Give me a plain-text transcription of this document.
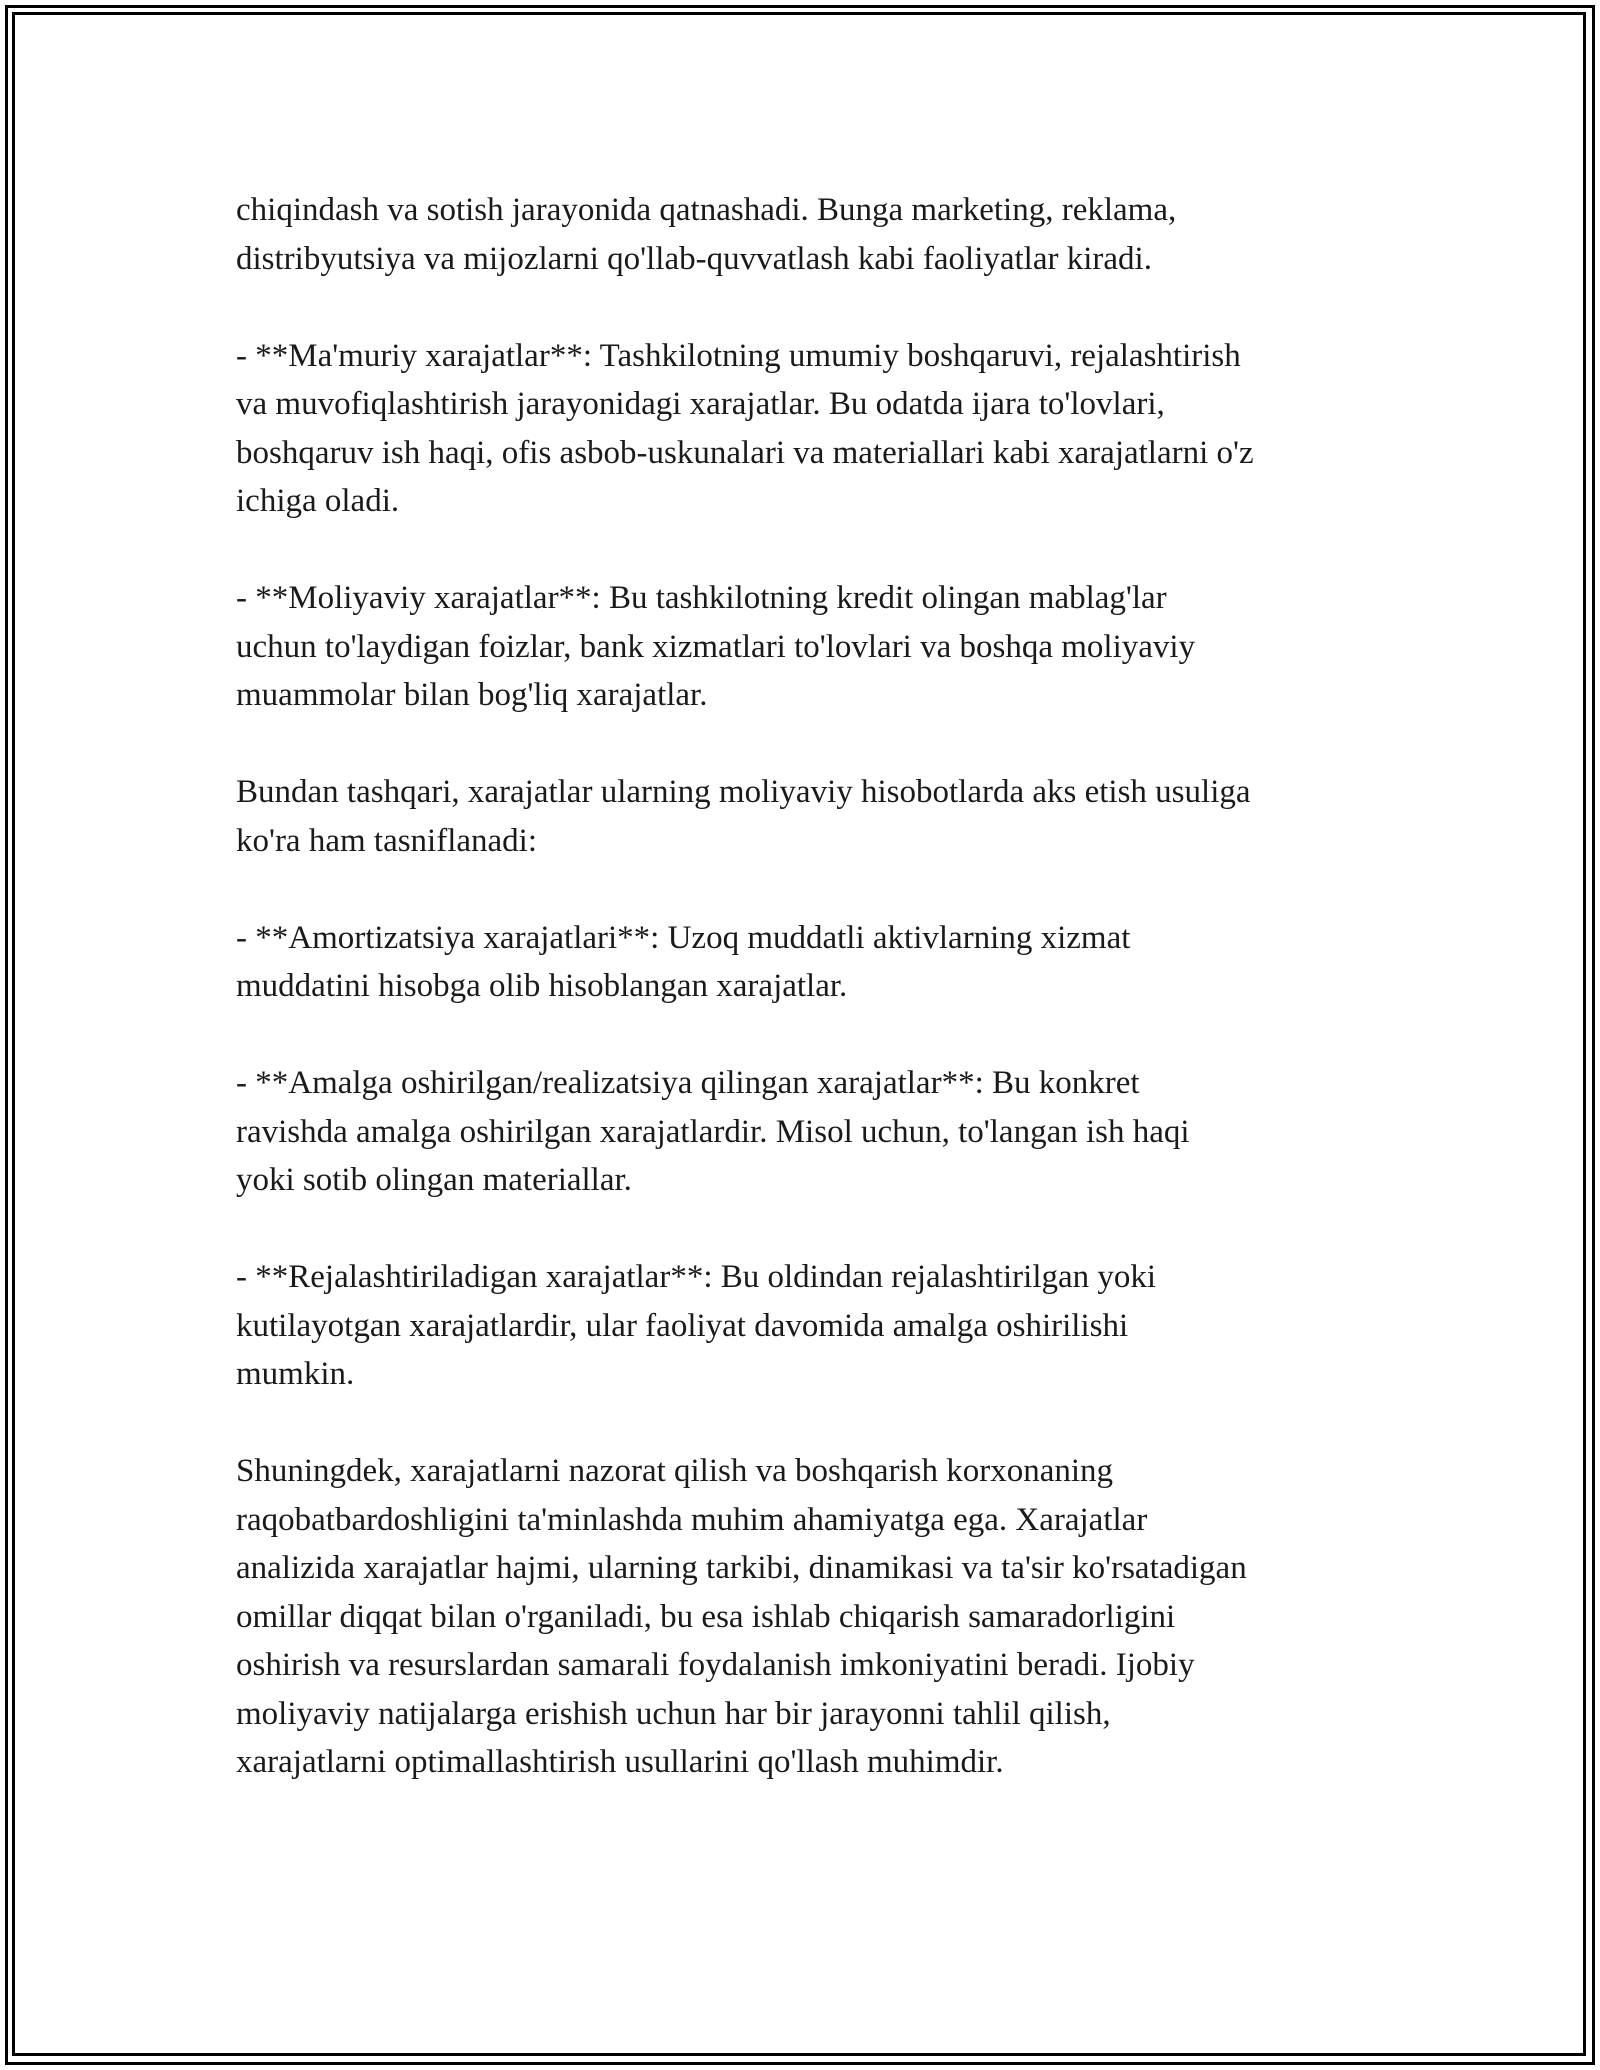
chiqindash va sotish jarayonida qatnashadi. Bunga marketing, reklama,
distribyutsiya va mijozlarni qo'llab-quvvatlash kabi faoliyatlar kiradi.

- **Ma'muriy xarajatlar**: Tashkilotning umumiy boshqaruvi, rejalashtirish
va muvofiqlashtirish jarayonidagi xarajatlar. Bu odatda ijara to'lovlari,
boshqaruv ish haqi, ofis asbob-uskunalari va materiallari kabi xarajatlarni o'z
ichiga oladi.

- **Moliyaviy xarajatlar**: Bu tashkilotning kredit olingan mablag'lar
uchun to'laydigan foizlar, bank xizmatlari to'lovlari va boshqa moliyaviy
muammolar bilan bog'liq xarajatlar.

Bundan tashqari, xarajatlar ularning moliyaviy hisobotlarda aks etish usuliga
ko'ra ham tasniflanadi:

- **Amortizatsiya xarajatlari**: Uzoq muddatli aktivlarning xizmat
muddatini hisobga olib hisoblangan xarajatlar.

- **Amalga oshirilgan/realizatsiya qilingan xarajatlar**: Bu konkret
ravishda amalga oshirilgan xarajatlardir. Misol uchun, to'langan ish haqi
yoki sotib olingan materiallar.

- **Rejalashtiriladigan xarajatlar**: Bu oldindan rejalashtirilgan yoki
kutilayotgan xarajatlardir, ular faoliyat davomida amalga oshirilishi
mumkin.

Shuningdek, xarajatlarni nazorat qilish va boshqarish korxonaning
raqobatbardoshligini ta'minlashda muhim ahamiyatga ega. Xarajatlar
analizida xarajatlar hajmi, ularning tarkibi, dinamikasi va ta'sir ko'rsatadigan
omillar diqqat bilan o'rganiladi, bu esa ishlab chiqarish samaradorligini
oshirish va resurslardan samarali foydalanish imkoniyatini beradi. Ijobiy
moliyaviy natijalarga erishish uchun har bir jarayonni tahlil qilish,
xarajatlarni optimallashtirish usullarini qo'llash muhimdir.
